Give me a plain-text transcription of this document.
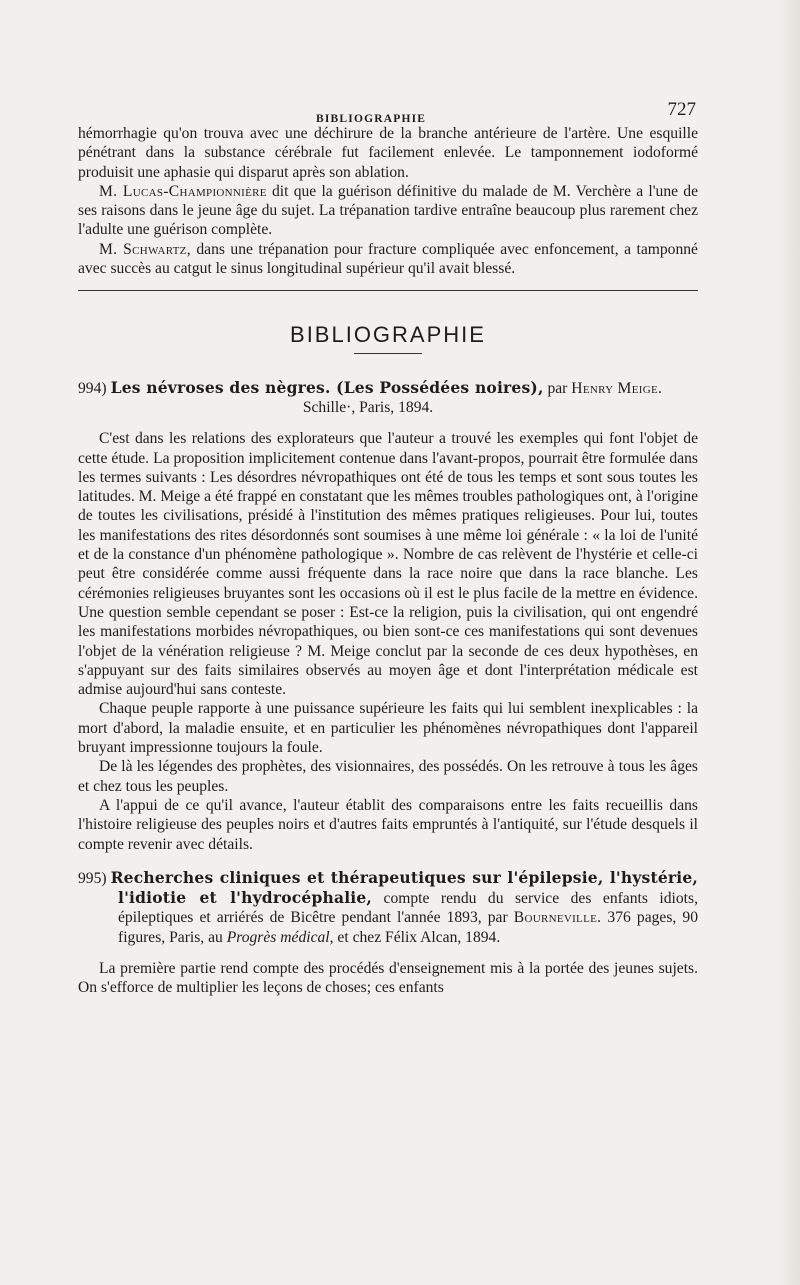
BIBLIOGRAPHIE	727

hémorrhagie qu'on trouva avec une déchirure de la branche antérieure de l'artère. Une esquille pénétrant dans la substance cérébrale fut facilement enlevée. Le tamponnement iodoformé produisit une aphasie qui disparut après son ablation.

M. Lucas-Championnière dit que la guérison définitive du malade de M. Verchère a l'une de ses raisons dans le jeune âge du sujet. La trépanation tardive entraîne beaucoup plus rarement chez l'adulte une guérison complète.

M. Schwartz, dans une trépanation pour fracture compliquée avec enfoncement, a tamponné avec succès au catgut le sinus longitudinal supérieur qu'il avait blessé.

BIBLIOGRAPHIE

994) Les névroses des nègres. (Les Possédées noires), par Henry Meige.

Schille·, Paris, 1894.

C'est dans les relations des explorateurs que l'auteur a trouvé les exemples qui font l'objet de cette étude. La proposition implicitement contenue dans l'avant-propos, pourrait être formulée dans les termes suivants : Les désordres névropathiques ont été de tous les temps et sont sous toutes les latitudes. M. Meige a été frappé en constatant que les mêmes troubles pathologiques ont, à l'origine de toutes les civilisations, présidé à l'institution des mêmes pratiques religieuses. Pour lui, toutes les manifestations des rites désordonnés sont soumises à une même loi générale : « la loi de l'unité et de la constance d'un phénomène pathologique ». Nombre de cas relèvent de l'hystérie et celle-ci peut être considérée comme aussi fréquente dans la race noire que dans la race blanche. Les cérémonies religieuses bruyantes sont les occasions où il est le plus facile de la mettre en évidence. Une question semble cependant se poser : Est-ce la religion, puis la civilisation, qui ont engendré les manifestations morbides névropathiques, ou bien sont-ce ces manifestations qui sont devenues l'objet de la vénération religieuse ? M. Meige conclut par la seconde de ces deux hypothèses, en s'appuyant sur des faits similaires observés au moyen âge et dont l'interprétation médicale est admise aujourd'hui sans conteste.

Chaque peuple rapporte à une puissance supérieure les faits qui lui semblent inexplicables : la mort d'abord, la maladie ensuite, et en particulier les phénomènes névropathiques dont l'appareil bruyant impressionne toujours la foule.

De là les légendes des prophètes, des visionnaires, des possédés. On les retrouve à tous les âges et chez tous les peuples.

A l'appui de ce qu'il avance, l'auteur établit des comparaisons entre les faits recueillis dans l'histoire religieuse des peuples noirs et d'autres faits empruntés à l'antiquité, sur l'étude desquels il compte revenir avec détails.

995) Recherches cliniques et thérapeutiques sur l'épilepsie, l'hystérie, l'idiotie et l'hydrocéphalie, compte rendu du service des enfants idiots, épileptiques et arriérés de Bicêtre pendant l'année 1893, par Bourneville. 376 pages, 90 figures, Paris, au Progrès médical, et chez Félix Alcan, 1894.

La première partie rend compte des procédés d'enseignement mis à la portée des jeunes sujets. On s'efforce de multiplier les leçons de choses; ces enfants
